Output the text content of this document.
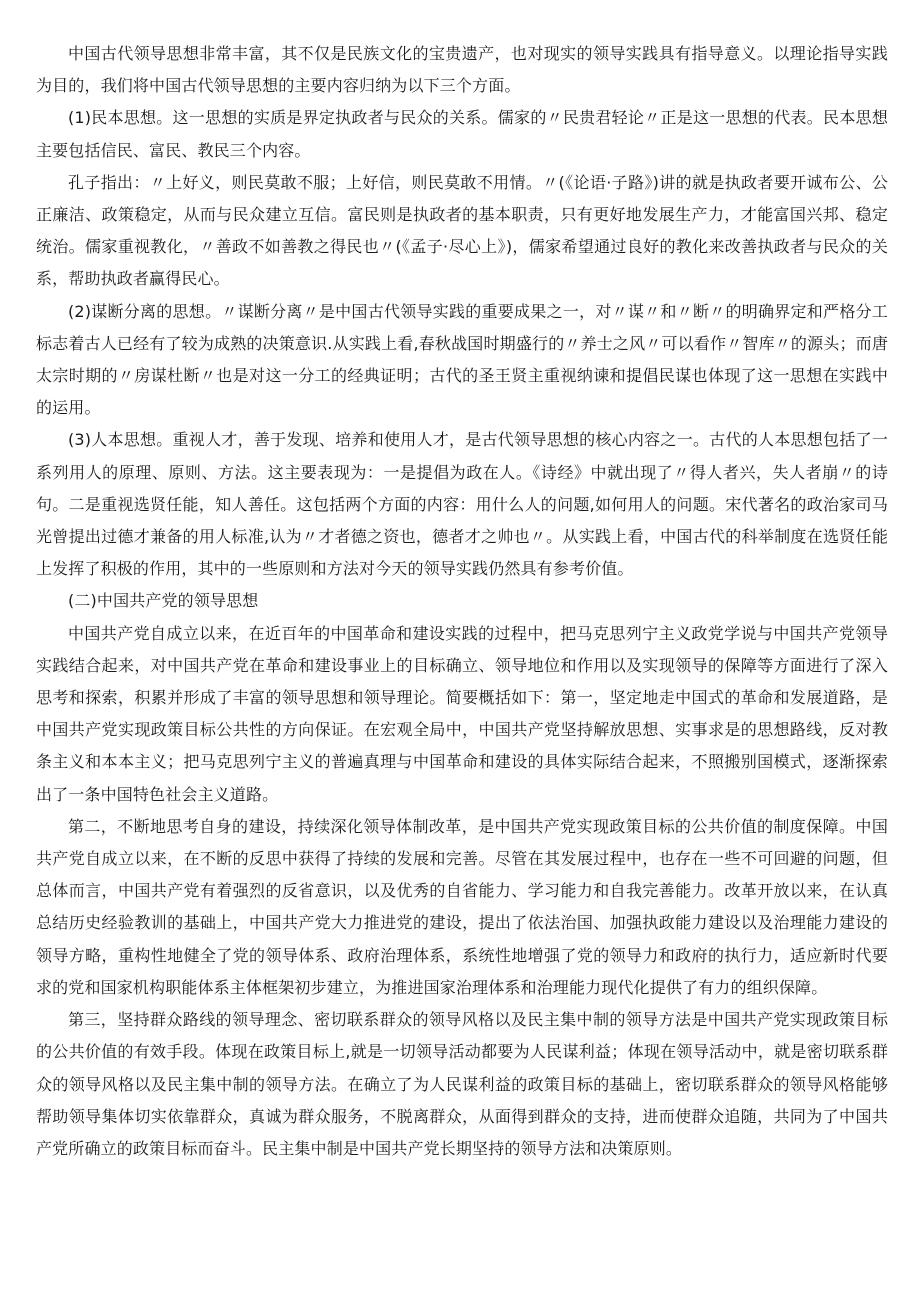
中国古代领导思想非常丰富，其不仅是民族文化的宝贵遗产，也对现实的领导实践具有指导意义。以理论指导实践为目的，我们将中国古代领导思想的主要内容归纳为以下三个方面。

(1)民本思想。这一思想的实质是界定执政者与民众的关系。儒家的〃民贵君轻论〃正是这一思想的代表。民本思想主要包括信民、富民、教民三个内容。

孔子指出：〃上好义，则民莫敢不服；上好信，则民莫敢不用情。〃(《论语·子路》)讲的就是执政者要开诚布公、公正廉洁、政策稳定，从而与民众建立互信。富民则是执政者的基本职责，只有更好地发展生产力，才能富国兴邦、稳定统治。儒家重视教化，〃善政不如善教之得民也〃(《孟子·尽心上》)，儒家希望通过良好的教化来改善执政者与民众的关系，帮助执政者赢得民心。

(2)谋断分离的思想。〃谋断分离〃是中国古代领导实践的重要成果之一，对〃谋〃和〃断〃的明确界定和严格分工标志着古人已经有了较为成熟的决策意识.从实践上看,春秋战国时期盛行的〃养士之风〃可以看作〃智库〃的源头；而唐太宗时期的〃房谋杜断〃也是对这一分工的经典证明；古代的圣王贤主重视纳谏和提倡民谋也体现了这一思想在实践中的运用。

(3)人本思想。重视人才，善于发现、培养和使用人才，是古代领导思想的核心内容之一。古代的人本思想包括了一系列用人的原理、原则、方法。这主要表现为：一是提倡为政在人。《诗经》中就出现了〃得人者兴，失人者崩〃的诗句。二是重视选贤任能，知人善任。这包括两个方面的内容：用什么人的问题,如何用人的问题。宋代著名的政治家司马光曾提出过德才兼备的用人标准,认为〃才者德之资也，德者才之帅也〃。从实践上看，中国古代的科举制度在选贤任能上发挥了积极的作用，其中的一些原则和方法对今天的领导实践仍然具有参考价值。

(二)中国共产党的领导思想

中国共产党自成立以来，在近百年的中国革命和建设实践的过程中，把马克思列宁主义政党学说与中国共产党领导实践结合起来，对中国共产党在革命和建设事业上的目标确立、领导地位和作用以及实现领导的保障等方面进行了深入思考和探索，积累并形成了丰富的领导思想和领导理论。简要概括如下：第一，坚定地走中国式的革命和发展道路，是中国共产党实现政策目标公共性的方向保证。在宏观全局中，中国共产党坚持解放思想、实事求是的思想路线，反对教条主义和本本主义；把马克思列宁主义的普遍真理与中国革命和建设的具体实际结合起来，不照搬别国模式，逐渐探索出了一条中国特色社会主义道路。

第二，不断地思考自身的建设，持续深化领导体制改革，是中国共产党实现政策目标的公共价值的制度保障。中国共产党自成立以来，在不断的反思中获得了持续的发展和完善。尽管在其发展过程中，也存在一些不可回避的问题，但总体而言，中国共产党有着强烈的反省意识，以及优秀的自省能力、学习能力和自我完善能力。改革开放以来，在认真总结历史经验教训的基础上，中国共产党大力推进党的建设，提出了依法治国、加强执政能力建设以及治理能力建设的领导方略，重构性地健全了党的领导体系、政府治理体系，系统性地增强了党的领导力和政府的执行力，适应新时代要求的党和国家机构职能体系主体框架初步建立，为推进国家治理体系和治理能力现代化提供了有力的组织保障。

第三，坚持群众路线的领导理念、密切联系群众的领导风格以及民主集中制的领导方法是中国共产党实现政策目标的公共价值的有效手段。体现在政策目标上,就是一切领导活动都要为人民谋利益；体现在领导活动中，就是密切联系群众的领导风格以及民主集中制的领导方法。在确立了为人民谋利益的政策目标的基础上，密切联系群众的领导风格能够帮助领导集体切实依靠群众，真诚为群众服务，不脱离群众，从面得到群众的支持，进而使群众追随，共同为了中国共产党所确立的政策目标而奋斗。民主集中制是中国共产党长期坚持的领导方法和决策原则。
